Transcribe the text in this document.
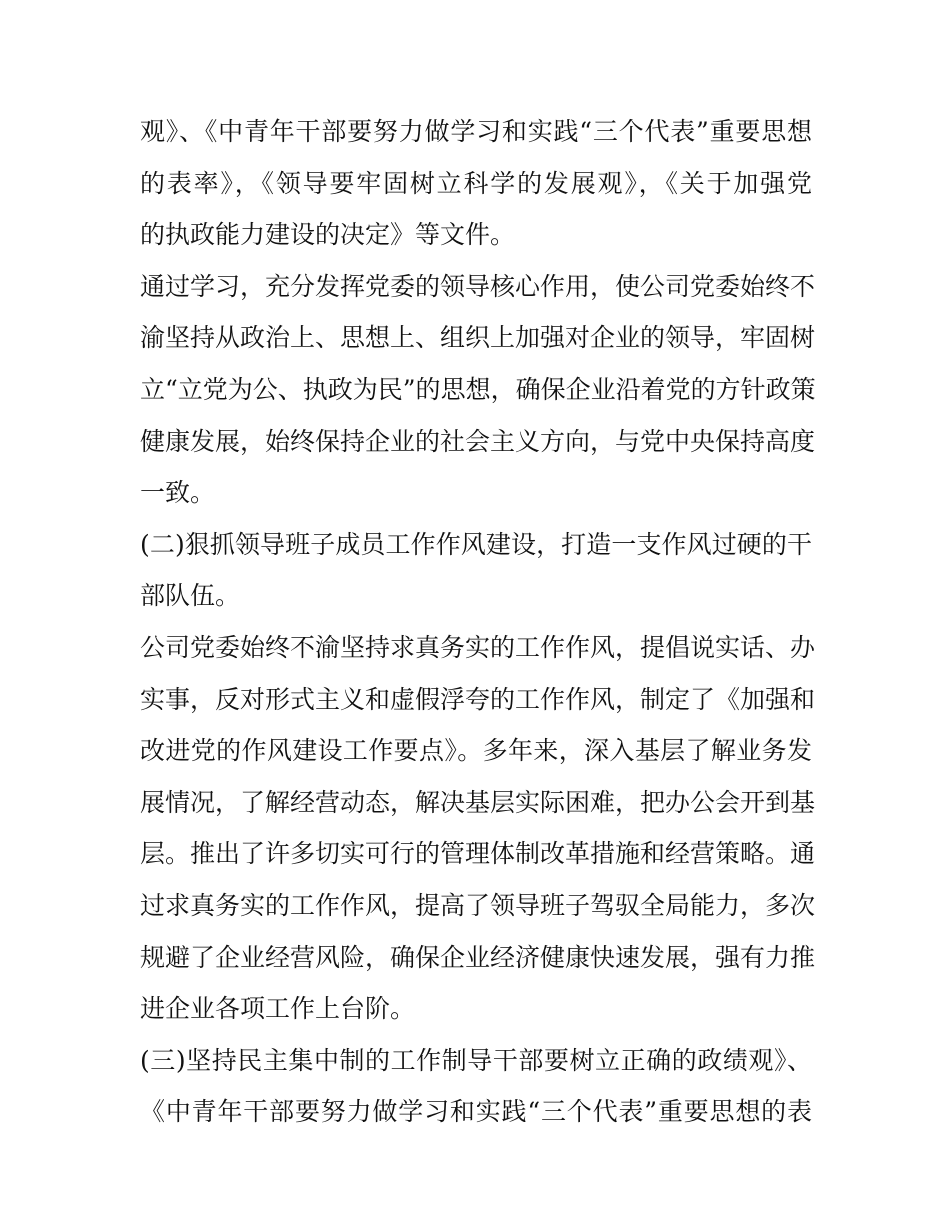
观》、《中青年干部要努力做学习和实践“三个代表”重要思想
的表率》，《领导要牢固树立科学的发展观》，《关于加强党
的执政能力建设的决定》等文件。
通过学习，充分发挥党委的领导核心作用，使公司党委始终不
渝坚持从政治上、思想上、组织上加强对企业的领导，牢固树
立“立党为公、执政为民”的思想，确保企业沿着党的方针政策
健康发展，始终保持企业的社会主义方向，与党中央保持高度
一致。
(二)狠抓领导班子成员工作作风建设，打造一支作风过硬的干
部队伍。
公司党委始终不渝坚持求真务实的工作作风，提倡说实话、办
实事，反对形式主义和虚假浮夸的工作作风，制定了《加强和
改进党的作风建设工作要点》。多年来，深入基层了解业务发
展情况，了解经营动态，解决基层实际困难，把办公会开到基
层。推出了许多切实可行的管理体制改革措施和经营策略。通
过求真务实的工作作风，提高了领导班子驾驭全局能力，多次
规避了企业经营风险，确保企业经济健康快速发展，强有力推
进企业各项工作上台阶。
(三)坚持民主集中制的工作制导干部要树立正确的政绩观》、
《中青年干部要努力做学习和实践“三个代表”重要思想的表
